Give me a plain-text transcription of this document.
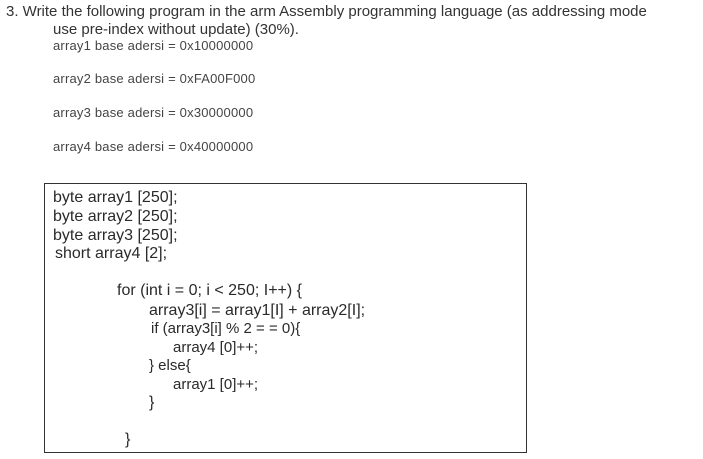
3. Write the following program in the arm Assembly programming language (as addressing mode
use pre-index without update) (30%).
array1 base adersi = 0x10000000
array2 base adersi = 0xFA00F000
array3 base adersi = 0x30000000
array4 base adersi = 0x40000000
byte array1 [250];
byte array2 [250];
byte array3 [250];
short array4 [2];
for (int i = 0; i < 250; I++) {
array3[i] = array1[I] + array2[I];
if (array3[i] % 2 = = 0){
array4 [0]++;
} else{
array1 [0]++;
}
}
